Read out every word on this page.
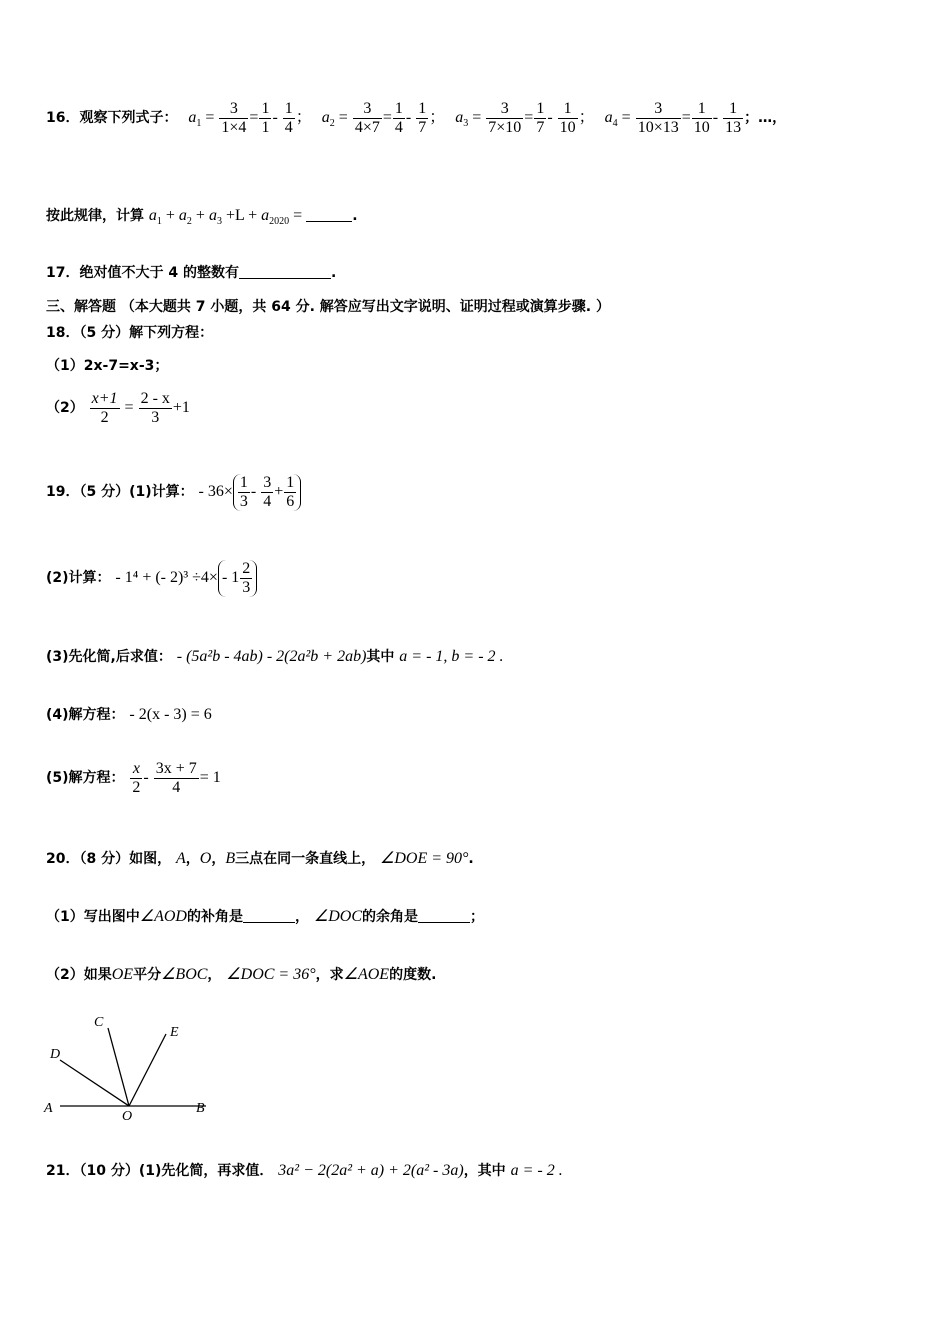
16．观察下列式子： $a_1 = \frac{3}{1\times 4} = \frac{1}{1} - \frac{1}{4}$ ； $a_2 = \frac{3}{4\times 7} = \frac{1}{4} - \frac{1}{7}$ ； $a_3 = \frac{3}{7\times 10} = \frac{1}{7} - \frac{1}{10}$ ； $a_4 = \frac{3}{10\times 13} = \frac{1}{10} - \frac{1}{13}$ ；…，
按此规律，计算 $a_1 + a_2 + a_3 +L + a_{2020}$ =	.
17．绝对值不大于 4 的整数有	.
三、解答题 （本大题共 7 小题，共 64 分. 解答应写出文字说明、证明过程或演算步骤. ）
18．（5 分）解下列方程：
（1）2x-7=x-3；
$(2) \frac{x+1}{2} = \frac{2 - x}{3} +1$
19．（5 分）(1)计算： - $36\times \frac{1}{3} - \frac{3}{4} + \frac{1}{6}$
(2)计算： - 1⁴ + (- $2)^3 \div 4\times - 1 \frac{2}{3}$
(3)先化简,后求值： - (5a²b - 4ab) - 2(2a²b + 2ab)其中 a = - 1, b = - 2 .
(4)解方程： - 2(x - 3) = 6
(5)解方程： $\frac{x}{2} - \frac{3x + 7}{4} = 1$
20．（8 分）如图， A，O，B三点在同一条直线上， ∠DOE = 90°.
（1）写出图中∠AOD的补角是	， ∠DOC的余角是	；
（2）如果OE平分∠BOC， ∠DOC = 36°，求∠AOE的度数.
C
D
E
A
O
B
21．（10 分）(1)先化简，再求值． 3a² − 2(2a² + a) + 2(a² - 3a)，其中 a = - 2 .
